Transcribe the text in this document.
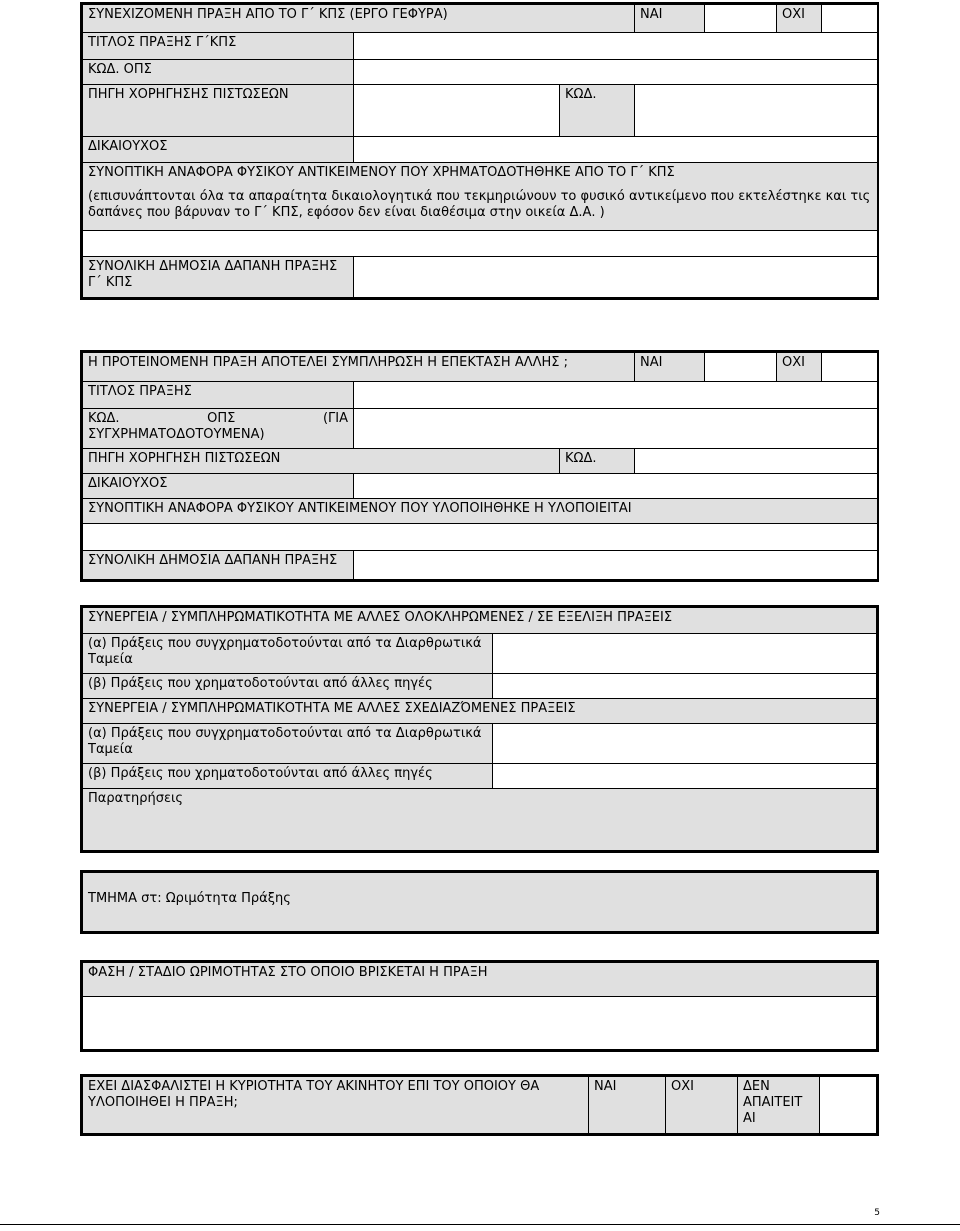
ΣΥΝΕΧΙΖΟΜΕΝΗ ΠΡΑΞΗ ΑΠΟ ΤΟ Γ΄ ΚΠΣ (ΕΡΓΟ ΓΕΦΥΡΑ)			ΝΑΙ		ΟΧΙ	
ΤΙΤΛΟΣ ΠΡΑΞΗΣ Γ΄ΚΠΣ						
ΚΩΔ. ΟΠΣ						
ΠΗΓΗ ΧΟΡΗΓΗΣΗΣ ΠΙΣΤΩΣΕΩΝ		ΚΩΔ.				
ΔΙΚΑΙΟΥΧΟΣ						

ΣΥΝΟΠΤΙΚΗ ΑΝΑΦΟΡΑ ΦΥΣΙΚΟΥ ΑΝΤΙΚΕΙΜΕΝΟΥ ΠΟΥ ΧΡΗΜΑΤΟΔΟΤΗΘΗΚΕ ΑΠΟ ΤΟ Γ΄ ΚΠΣ
(επισυνάπτονται όλα τα απαραίτητα δικαιολογητικά που τεκμηριώνουν το φυσικό αντικείμενο που εκτελέστηκε και τις δαπάνες που βάρυναν το Γ΄ ΚΠΣ, εφόσον δεν είναι διαθέσιμα στην οικεία Δ.Α. )						

ΣΥΝΟΛΙΚΗ ΔΗΜΟΣΙΑ ΔΑΠΑΝΗ ΠΡΑΞΗΣ Γ΄ ΚΠΣ						
Η ΠΡΟΤΕΙΝΟΜΕΝΗ ΠΡΑΞΗ ΑΠΟΤΕΛΕΙ ΣΥΜΠΛΗΡΩΣΗ Η ΕΠΕΚΤΑΣΗ ΑΛΛΗΣ ;			ΝΑΙ		ΟΧΙ	
ΤΙΤΛΟΣ ΠΡΑΞΗΣ						

ΚΩΔ. ΟΠΣ (ΓΙΑ
ΣΥΓΧΡΗΜΑΤΟΔΟΤΟΥΜΕΝΑ)						

ΠΗΓΗ ΧΟΡΗΓΗΣΗ ΠΙΣΤΩΣΕΩΝ		ΚΩΔ.				
ΔΙΚΑΙΟΥΧΟΣ						
ΣΥΝΟΠΤΙΚΗ ΑΝΑΦΟΡΑ ΦΥΣΙΚΟΥ ΑΝΤΙΚΕΙΜΕΝΟΥ ΠΟΥ ΥΛΟΠΟΙΗΘΗΚΕ Η ΥΛΟΠΟΙΕΙΤΑΙ						

ΣΥΝΟΛΙΚΗ ΔΗΜΟΣΙΑ ΔΑΠΑΝΗ ΠΡΑΞΗΣ						
ΣΥΝΕΡΓΕΙΑ / ΣΥΜΠΛΗΡΩΜΑΤΙΚΟΤΗΤΑ ΜΕ ΑΛΛΕΣ ΟΛΟΚΛΗΡΩΜΕΝΕΣ / ΣΕ ΕΞΕΛΙΞΗ ΠΡΑΞΕΙΣ	
(α) Πράξεις που συγχρηματοδοτούνται από τα Διαρθρωτικά Ταμεία	
(β) Πράξεις που χρηματοδοτούνται από άλλες πηγές	
ΣΥΝΕΡΓΕΙΑ / ΣΥΜΠΛΗΡΩΜΑΤΙΚΟΤΗΤΑ ΜΕ ΑΛΛΕΣ ΣΧΕΔΙΑΖΌΜΕΝΕΣ ΠΡΑΞΕΙΣ	
(α) Πράξεις που συγχρηματοδοτούνται από τα Διαρθρωτικά Ταμεία	
(β) Πράξεις που χρηματοδοτούνται από άλλες πηγές	
Παρατηρήσεις	
ΤΜΗΜΑ στ: Ωριμότητα Πράξης
ΦΑΣΗ / ΣΤΑΔΙΟ ΩΡΙΜΟΤΗΤΑΣ ΣΤΟ ΟΠΟΙΟ ΒΡΙΣΚΕΤΑΙ Η ΠΡΑΞΗ

ΕΧΕΙ ΔΙΑΣΦΑΛΙΣΤΕΙ Η ΚΥΡΙΟΤΗΤΑ ΤΟΥ ΑΚΙΝΗΤΟΥ ΕΠΙ ΤΟΥ ΟΠΟΙΟΥ ΘΑ ΥΛΟΠΟΙΗΘΕΙ Η ΠΡΑΞΗ;	ΝΑΙ	ΟΧΙ	ΔΕΝ ΑΠΑΙΤΕΙΤ ΑΙ	
5
